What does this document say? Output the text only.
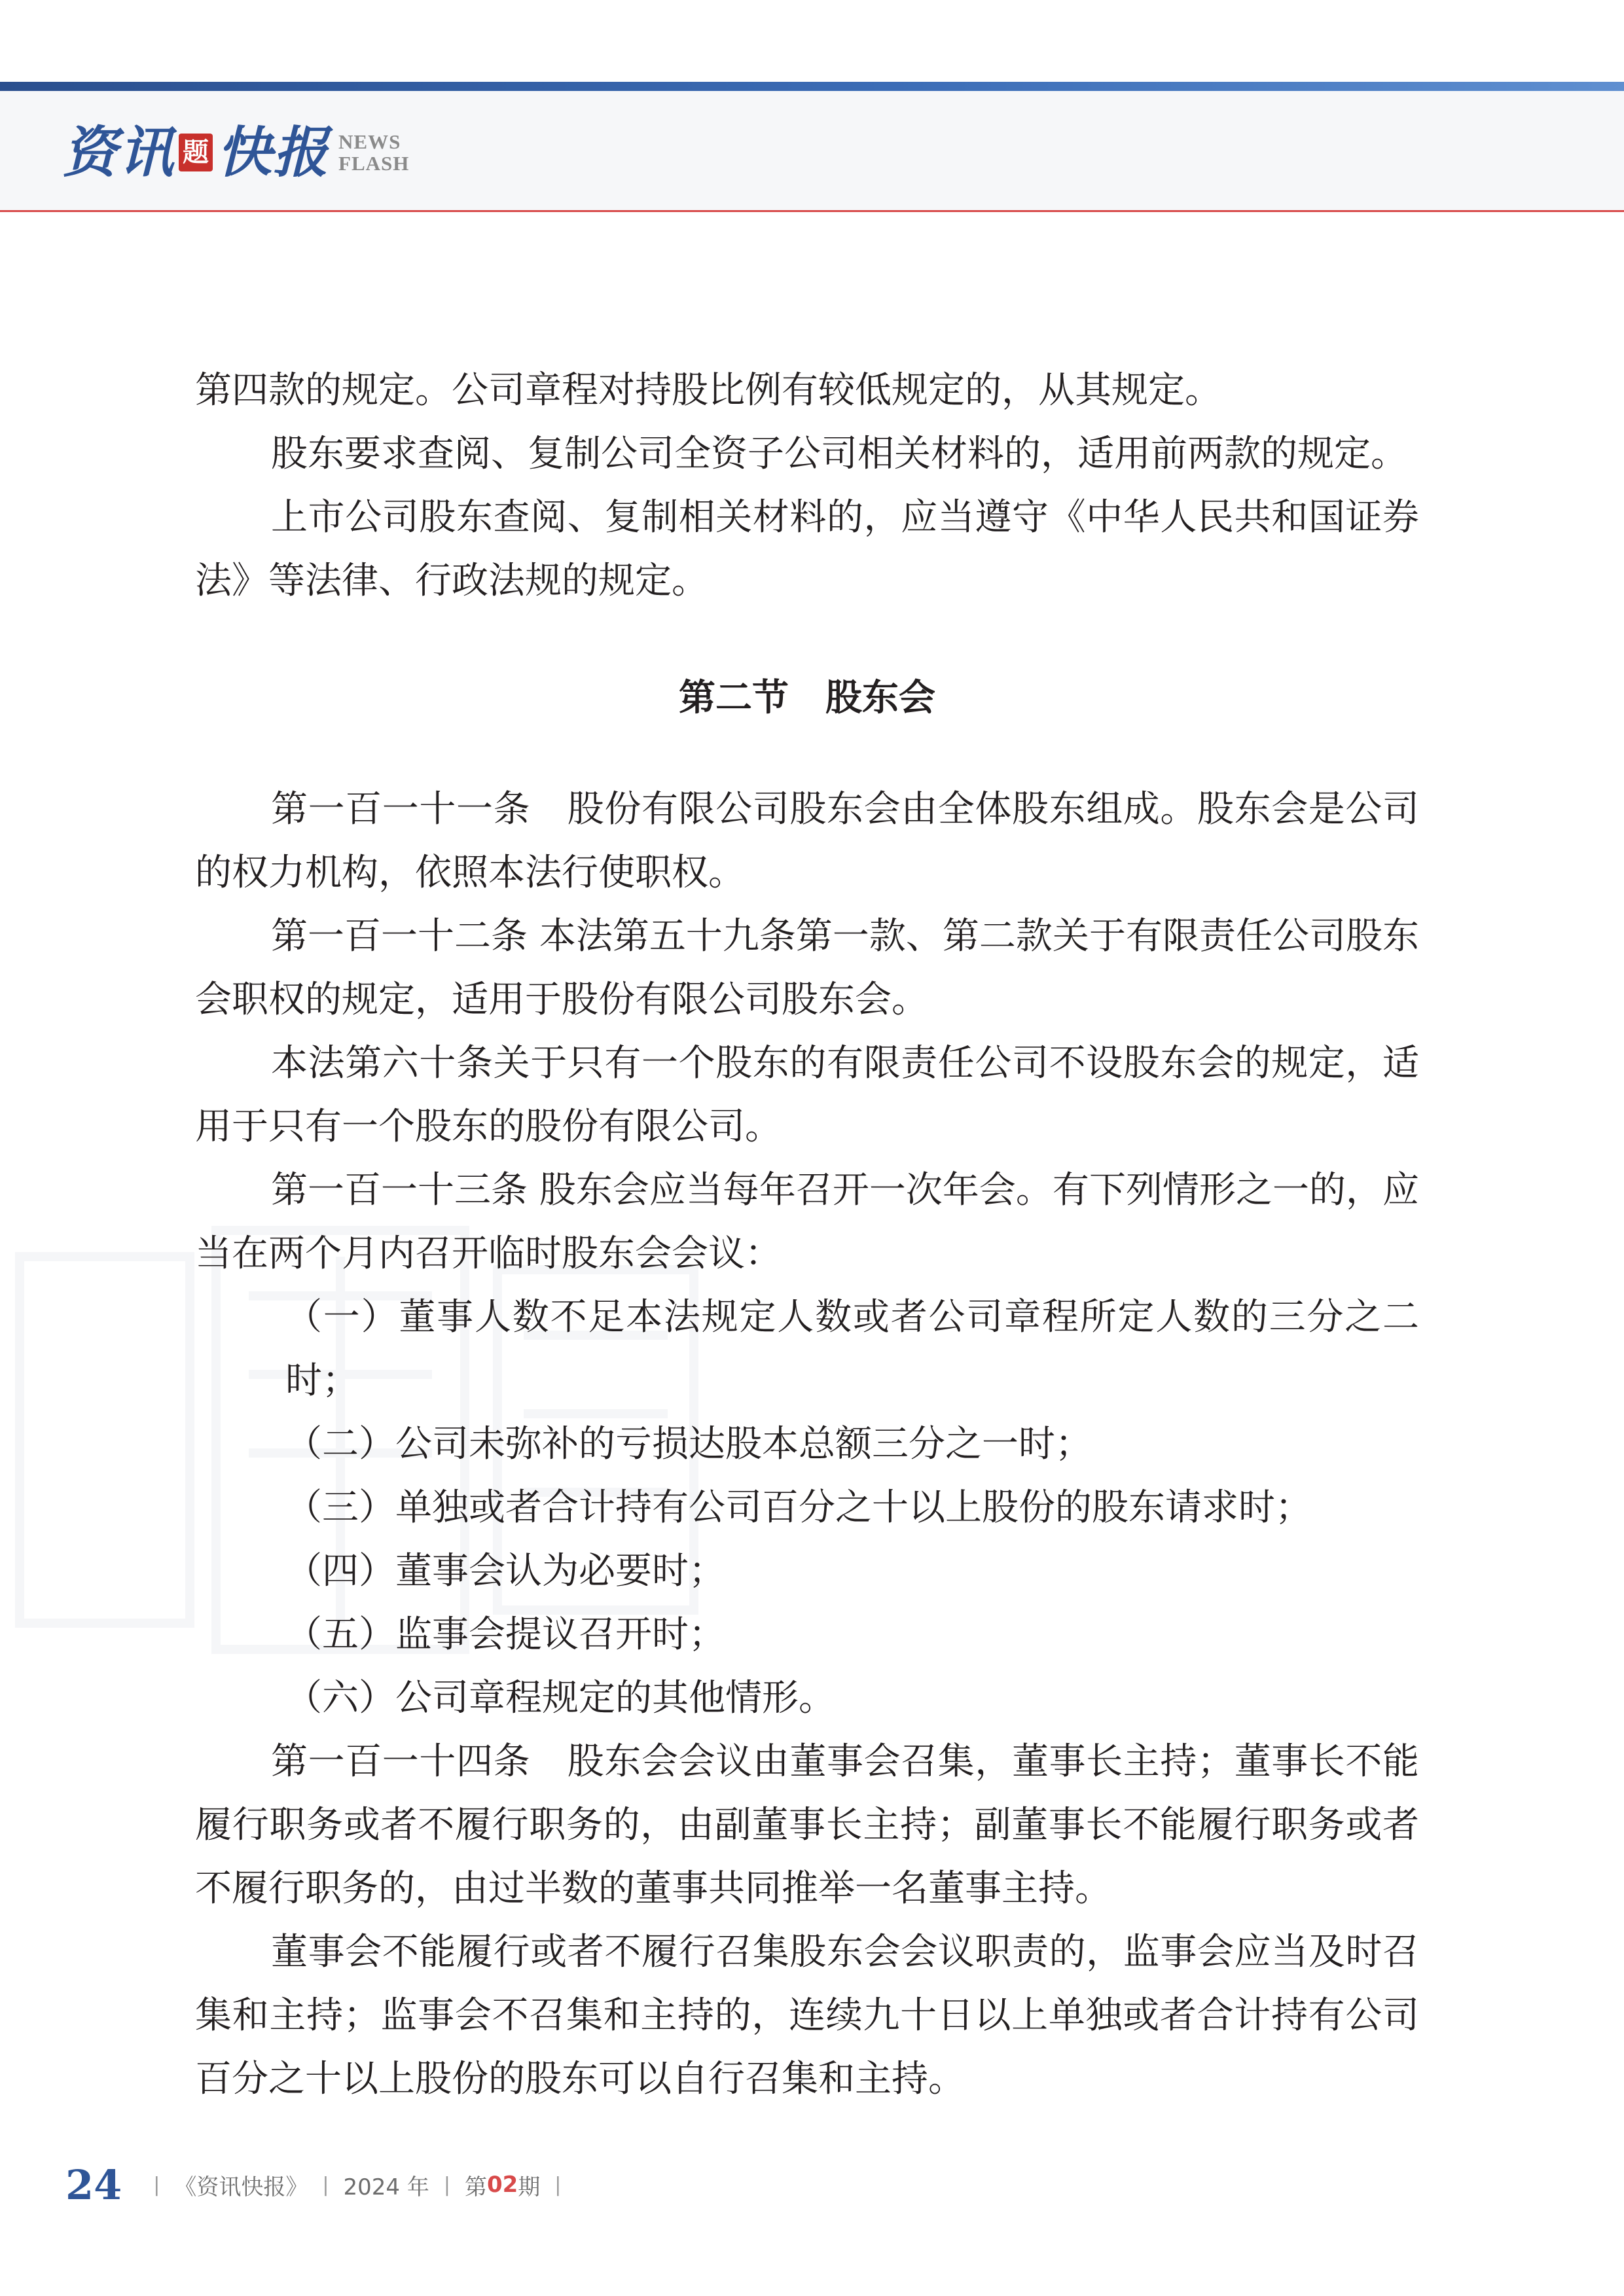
资讯 题 快报 NEWS
FLASH

第四款的规定。公司章程对持股比例有较低规定的，从其规定。

股东要求查阅、复制公司全资子公司相关材料的，适用前两款的规定。

上市公司股东查阅、复制相关材料的，应当遵守《中华人民共和国证券法》等法律、行政法规的规定。

第二节 股东会

第一百一十一条 股份有限公司股东会由全体股东组成。股东会是公司的权力机构，依照本法行使职权。

第一百一十二条 本法第五十九条第一款、第二款关于有限责任公司股东会职权的规定，适用于股份有限公司股东会。

本法第六十条关于只有一个股东的有限责任公司不设股东会的规定，适用于只有一个股东的股份有限公司。

第一百一十三条 股东会应当每年召开一次年会。有下列情形之一的，应当在两个月内召开临时股东会会议：

（一）董事人数不足本法规定人数或者公司章程所定人数的三分之二时；

（二）公司未弥补的亏损达股本总额三分之一时；

（三）单独或者合计持有公司百分之十以上股份的股东请求时；

（四）董事会认为必要时；

（五）监事会提议召开时；

（六）公司章程规定的其他情形。

第一百一十四条 股东会会议由董事会召集，董事长主持；董事长不能履行职务或者不履行职务的，由副董事长主持；副董事长不能履行职务或者不履行职务的，由过半数的董事共同推举一名董事主持。

董事会不能履行或者不履行召集股东会会议职责的，监事会应当及时召集和主持；监事会不召集和主持的，连续九十日以上单独或者合计持有公司百分之十以上股份的股东可以自行召集和主持。

24 | 《资讯快报》 | 2024 年 | 第 02 期 |
